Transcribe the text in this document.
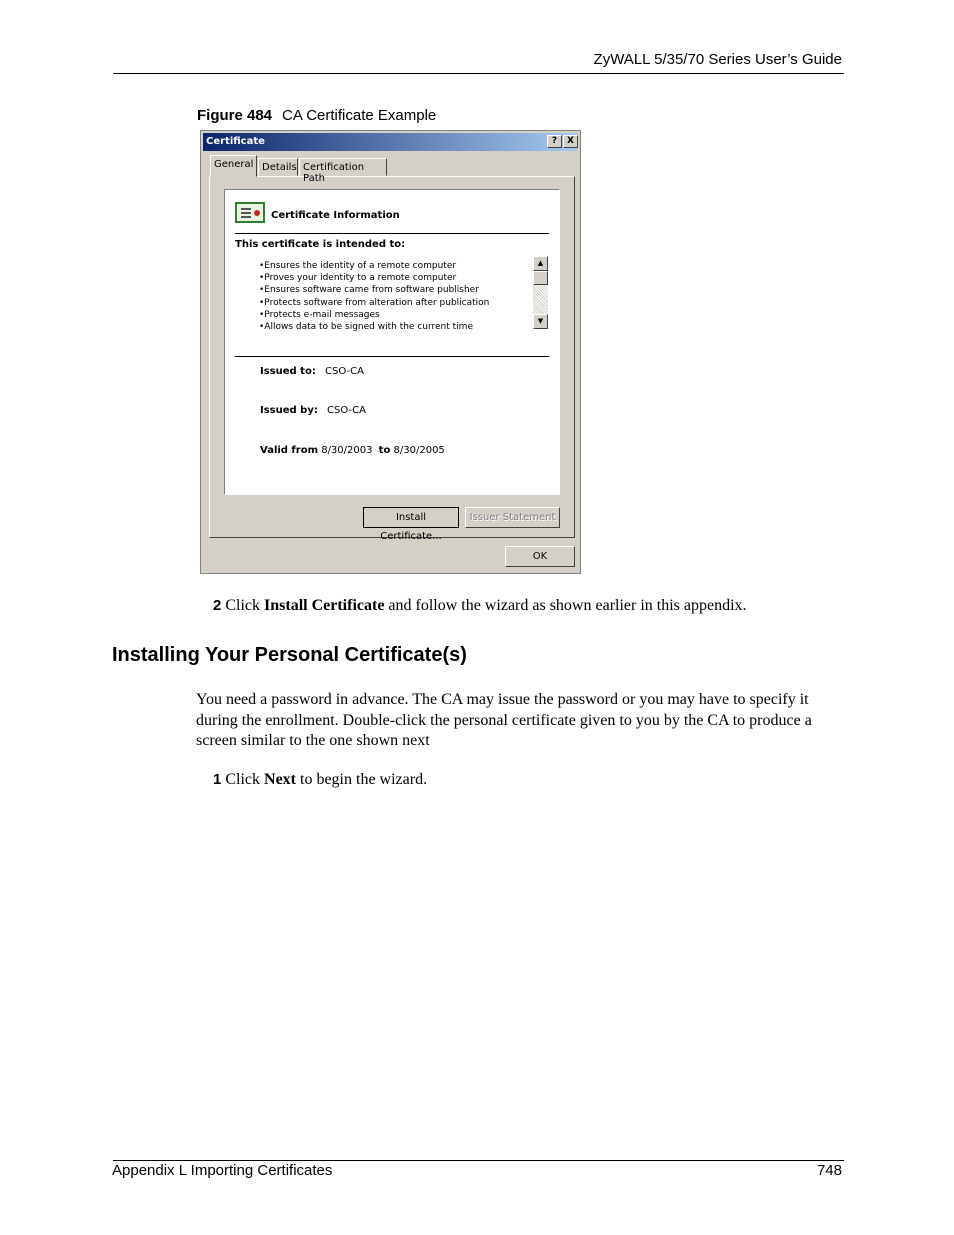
ZyWALL 5/35/70 Series User’s Guide
Figure 484 CA Certificate Example
Certificate	?	X
General Details Certification Path
Certificate Information
This certificate is intended to:
•Ensures the identity of a remote computer
•Proves your identity to a remote computer
•Ensures software came from software publisher
•Protects software from alteration after publication
•Protects e-mail messages
•Allows data to be signed with the current time
▲
▼
Issued to: CSO-CA
Issued by: CSO-CA
Valid from 8/30/2003 to 8/30/2005
Install Certificate...
Issuer Statement
OK
2 Click Install Certificate and follow the wizard as shown earlier in this appendix.
Installing Your Personal Certificate(s)
You need a password in advance. The CA may issue the password or you may have to specify it during the enrollment. Double-click the personal certificate given to you by the CA to produce a screen similar to the one shown next
1 Click Next to begin the wizard.
Appendix L Importing Certificates	748
